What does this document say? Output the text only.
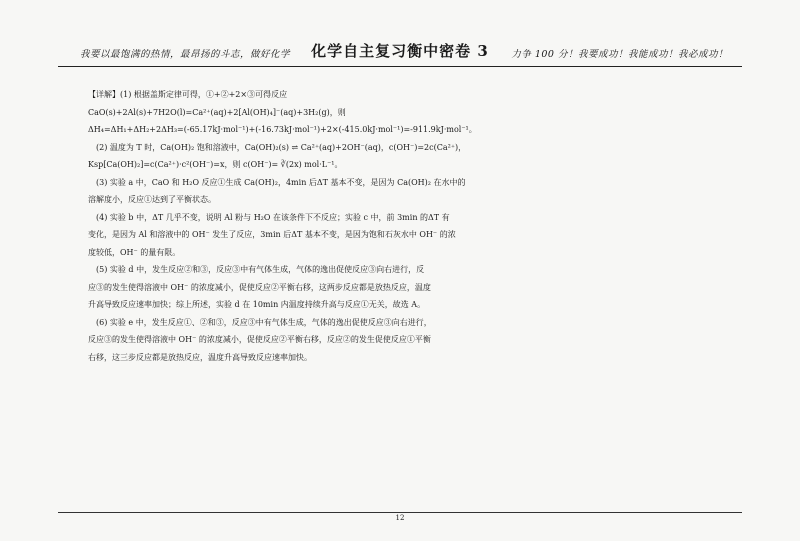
我要以最饱满的热情，最昂扬的斗志，做好化学	化学自主复习衡中密卷 3	力争 100 分！我要成功！我能成功！我必成功！

【详解】(1) 根据盖斯定律可得，①+②+2×③可得反应

CaO(s)+2Al(s)+7H2O(l)=Ca²⁺(aq)+2[Al(OH)₄]⁻(aq)+3H₂(g)，则

ΔH₄=ΔH₁+ΔH₂+2ΔH₃=(-65.17kJ·mol⁻¹)+(-16.73kJ·mol⁻¹)+2×(-415.0kJ·mol⁻¹)=-911.9kJ·mol⁻¹。

(2) 温度为 T 时，Ca(OH)₂ 饱和溶液中，Ca(OH)₂(s) ⇌ Ca²⁺(aq)+2OH⁻(aq)，c(OH⁻)=2c(Ca²⁺)，

Ksp[Ca(OH)₂]=c(Ca²⁺)·c²(OH⁻)=x，则 c(OH⁻)= ∛(2x) mol·L⁻¹。

(3) 实验 a 中，CaO 和 H₂O 反应①生成 Ca(OH)₂，4min 后ΔT 基本不变，是因为 Ca(OH)₂ 在水中的

溶解度小，反应①达到了平衡状态。

(4) 实验 b 中，ΔT 几乎不变，说明 Al 粉与 H₂O 在该条件下不反应；实验 c 中，前 3min 的ΔT 有

变化，是因为 Al 和溶液中的 OH⁻ 发生了反应，3min 后ΔT 基本不变，是因为饱和石灰水中 OH⁻ 的浓

度较低，OH⁻ 的量有限。

(5) 实验 d 中，发生反应②和③，反应③中有气体生成，气体的逸出促使反应③向右进行，反

应③的发生使得溶液中 OH⁻ 的浓度减小，促使反应②平衡右移，这两步反应都是放热反应，温度

升高导致反应速率加快；综上所述，实验 d 在 10min 内温度持续升高与反应①无关，故选 A。

(6) 实验 e 中，发生反应①、②和③，反应③中有气体生成，气体的逸出促使反应③向右进行，

反应③的发生使得溶液中 OH⁻ 的浓度减小，促使反应②平衡右移，反应②的发生促使反应①平衡

右移，这三步反应都是放热反应，温度升高导致反应速率加快。

12
